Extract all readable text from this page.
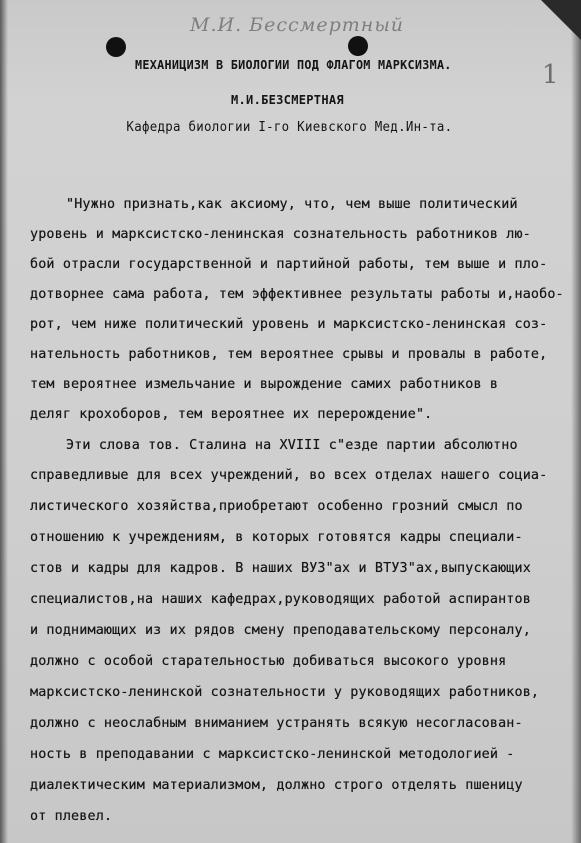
М.И. Бессмертный
1
МЕХАНИЦИЗМ В БИОЛОГИИ ПОД ФЛАГОМ МАРКСИЗМА.
М.И.БЕЗСМЕРТНАЯ
Кафедра биологии I-го Киевского Мед.Ин-та.
"Нужно признать,как аксиому, что, чем выше политический
уровень и марксистско-ленинская сознательность работников лю-
бой отрасли государственной и партийной работы, тем выше и пло-
дотворнее сама работа, тем эффективнее результаты работы и,наобо-
рот, чем ниже политический уровень и марксистско-ленинская соз-
нательность работников, тем вероятнее срывы и провалы в работе,
тем вероятнее измельчание и вырождение самих работников в
деляг крохоборов, тем вероятнее их перерождение".
Эти слова тов. Сталина на XVIII с"езде партии абсолютно
справедливые для всех учреждений, во всех отделах нашего социа-
листического хозяйства,приобретают особенно грозний смысл по
отношению к учреждениям, в которых готовятся кадры специали-
стов и кадры для кадров. В наших ВУЗ"ах и ВТУЗ"ах,выпускающих
специалистов,на наших кафедрах,руководящих работой аспирантов
и поднимающих из их рядов смену преподавательскому персоналу,
должно с особой старательностью добиваться высокого уровня
марксистско-ленинской сознательности у руководящих работников,
должно с неослабным вниманием устранять всякую несогласован-
ность в преподавании с марксистско-ленинской методологией -
диалектическим материализмом, должно строго отделять пшеницу
от плевел.
